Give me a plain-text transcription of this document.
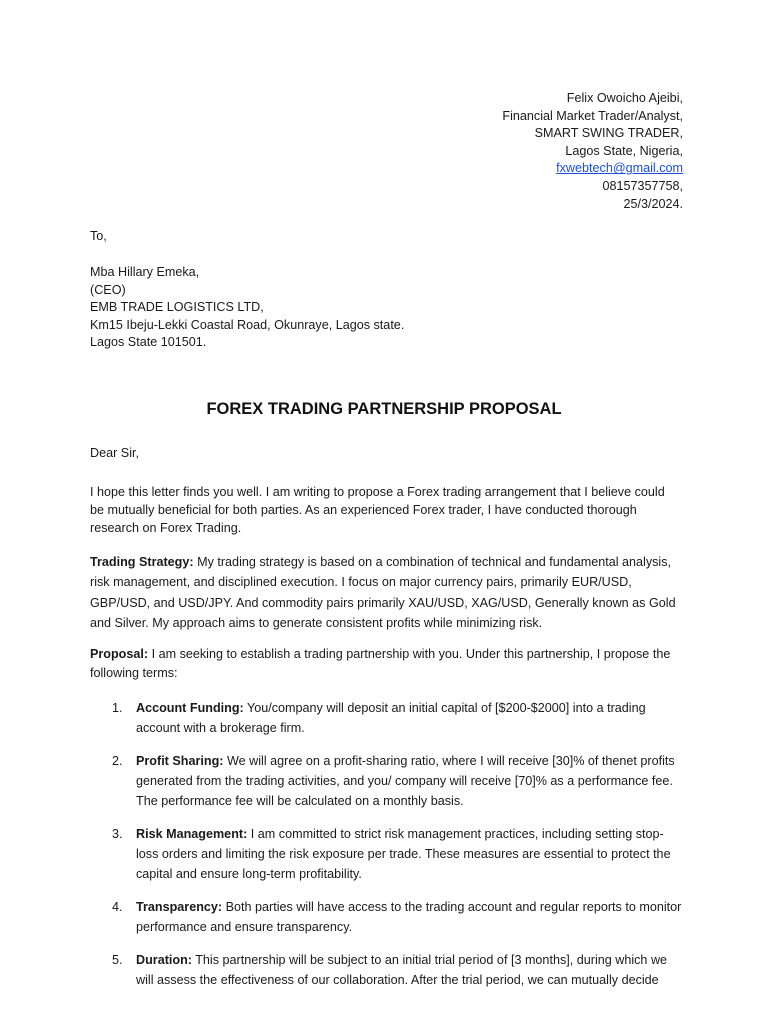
Felix Owoicho Ajeibi,
Financial Market Trader/Analyst,
SMART SWING TRADER,
Lagos State, Nigeria,
fxwebtech@gmail.com
08157357758,
25/3/2024.
To,
Mba Hillary Emeka,
(CEO)
EMB TRADE LOGISTICS LTD,
Km15 Ibeju-Lekki Coastal Road, Okunraye, Lagos state.
Lagos State 101501.
FOREX TRADING PARTNERSHIP PROPOSAL
Dear Sir,
I hope this letter finds you well. I am writing to propose a Forex trading arrangement that I believe could be mutually beneficial for both parties. As an experienced Forex trader, I have conducted thorough research on Forex Trading.
Trading Strategy: My trading strategy is based on a combination of technical and fundamental analysis, risk management, and disciplined execution. I focus on major currency pairs, primarily EUR/USD, GBP/USD, and USD/JPY. And commodity pairs primarily XAU/USD, XAG/USD, Generally known as Gold and Silver. My approach aims to generate consistent profits while minimizing risk.
Proposal: I am seeking to establish a trading partnership with you. Under this partnership, I propose the following terms:
1. Account Funding: You/company will deposit an initial capital of [$200-$2000] into a trading account with a brokerage firm.
2. Profit Sharing: We will agree on a profit-sharing ratio, where I will receive [30]% of thenet profits generated from the trading activities, and you/ company will receive [70]% as a performance fee. The performance fee will be calculated on a monthly basis.
3. Risk Management: I am committed to strict risk management practices, including setting stop-loss orders and limiting the risk exposure per trade. These measures are essential to protect the capital and ensure long-term profitability.
4. Transparency: Both parties will have access to the trading account and regular reports to monitor performance and ensure transparency.
5. Duration: This partnership will be subject to an initial trial period of [3 months], during which we will assess the effectiveness of our collaboration. After the trial period, we can mutually decide
